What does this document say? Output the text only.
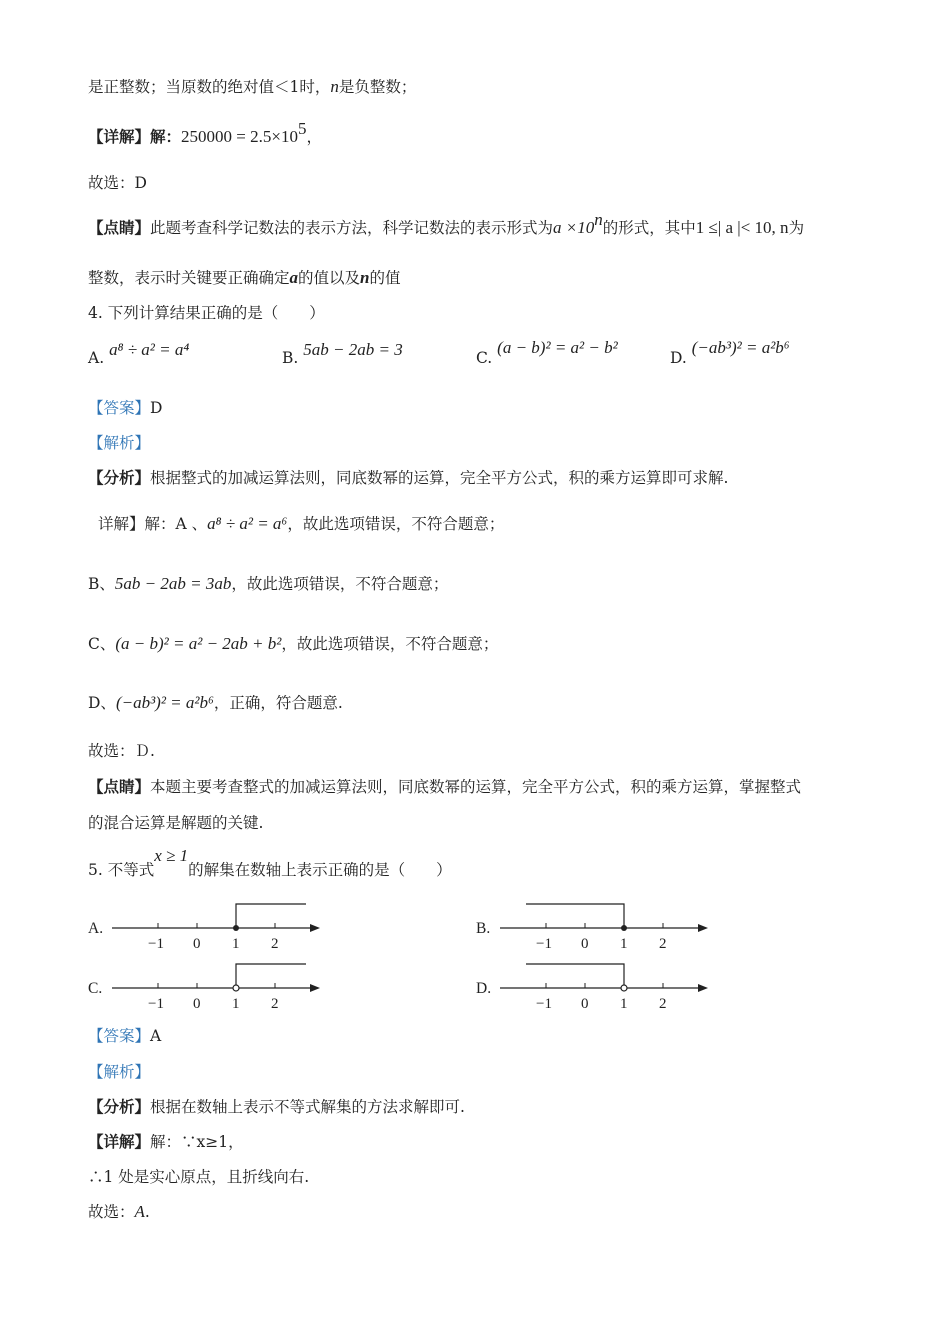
是正整数；当原数的绝对值＜1时，n是负整数；
【详解】解：$250000 = 2.5\times 10^5$，
故选：D
【点睛】此题考查科学记数法的表示方法，科学记数法的表示形式为$a \times 10^n$的形式，其中1 ≤| a |< 10, n为
整数，表示时关键要正确确定a的值以及n的值
4. 下列计算结果正确的是（　　）
A. a⁸ ÷ a² = a⁴	B. 5ab − 2ab = 3	C. (a − b)² = a² − b²
D. (−ab³)² = a²b⁶
【答案】D
【解析】
【分析】根据整式的加减运算法则，同底数幂的运算，完全平方公式，积的乘方运算即可求解.
详解】解：A 、a⁸ ÷ a² = a⁶，故此选项错误，不符合题意；
B、5ab − 2ab = 3ab，故此选项错误，不符合题意；
C、(a − b)² = a² − 2ab + b²，故此选项错误，不符合题意；
D、(−ab³)² = a²b⁶，正确，符合题意.
故选：Ｄ.
【点睛】本题主要考查整式的加减运算法则，同底数幂的运算，完全平方公式，积的乘方运算，掌握整式
的混合运算是解题的关键.
5. 不等式x ≥ 1的解集在数轴上表示正确的是（　　）
A.
−1 0 1 2
B.
−1 0 1 2
C.
−1 0 1 2
D.
−1 0 1 2
【答案】A
【解析】
【分析】根据在数轴上表示不等式解集的方法求解即可.
【详解】解：∵x≥1，
∴1 处是实心原点，且折线向右.
故选：A.
